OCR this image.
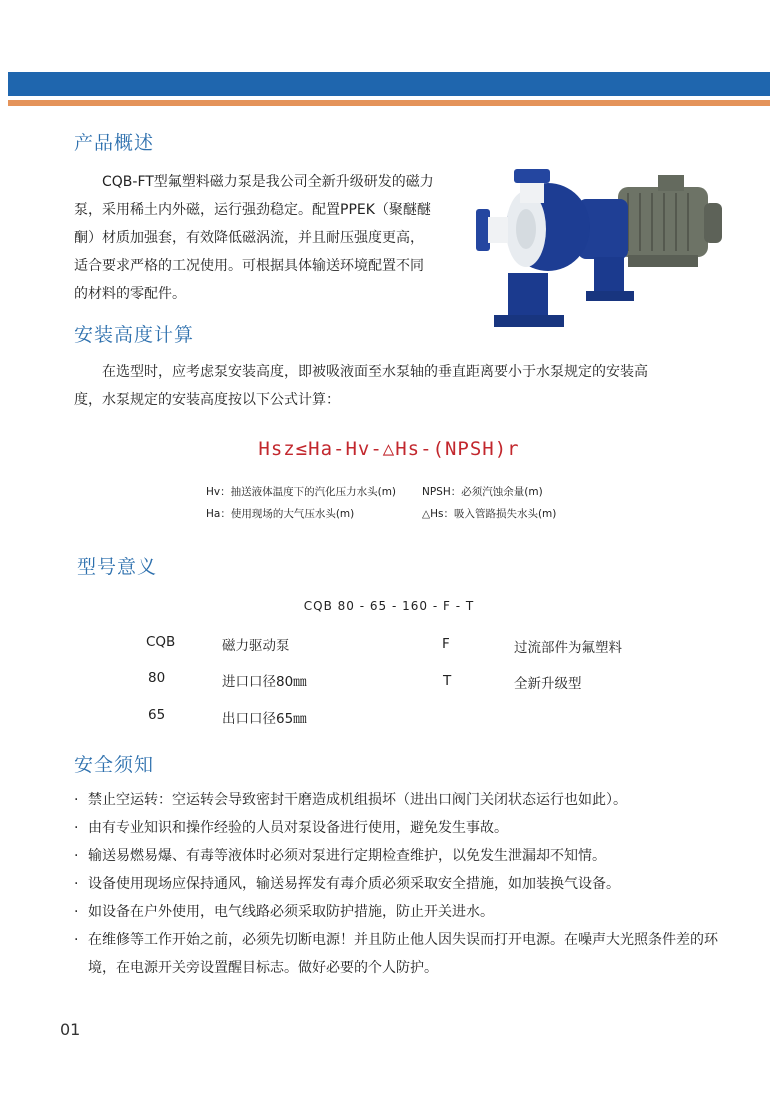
产品概述
CQB-FT型氟塑料磁力泵是我公司全新升级研发的磁力
泵，采用稀土内外磁，运行强劲稳定。配置PPEK（聚醚醚
酮）材质加强套，有效降低磁涡流，并且耐压强度更高，
适合要求严格的工况使用。可根据具体输送环境配置不同
的材料的零配件。
安装高度计算
在选型时，应考虑泵安装高度，即被吸液面至水泵轴的垂直距离要小于水泵规定的安装高
度，水泵规定的安装高度按以下公式计算：
Hsz≤Ha-Hv-△Hs-(NPSH)r
Hv：抽送液体温度下的汽化压力水头(m) NPSH：必须汽蚀余量(m)
Ha：使用现场的大气压水头(m)	△Hs：吸入管路损失水头(m)
型号意义
CQB 80 - 65 - 160 - F - T
CQB	磁力驱动泵	F	过流部件为氟塑料
80	进口口径80㎜	T	全新升级型
65	出口口径65㎜
安全须知
· 禁止空运转：空运转会导致密封干磨造成机组损坏（进出口阀门关闭状态运行也如此）。
· 由有专业知识和操作经验的人员对泵设备进行使用，避免发生事故。
· 输送易燃易爆、有毒等液体时必须对泵进行定期检查维护，以免发生泄漏却不知情。
· 设备使用现场应保持通风，输送易挥发有毒介质必须采取安全措施，如加装换气设备。
· 如设备在户外使用，电气线路必须采取防护措施，防止开关进水。
· 在维修等工作开始之前，必须先切断电源！并且防止他人因失误而打开电源。在噪声大光照条件差的环境，在电源开关旁设置醒目标志。做好必要的个人防护。
01
